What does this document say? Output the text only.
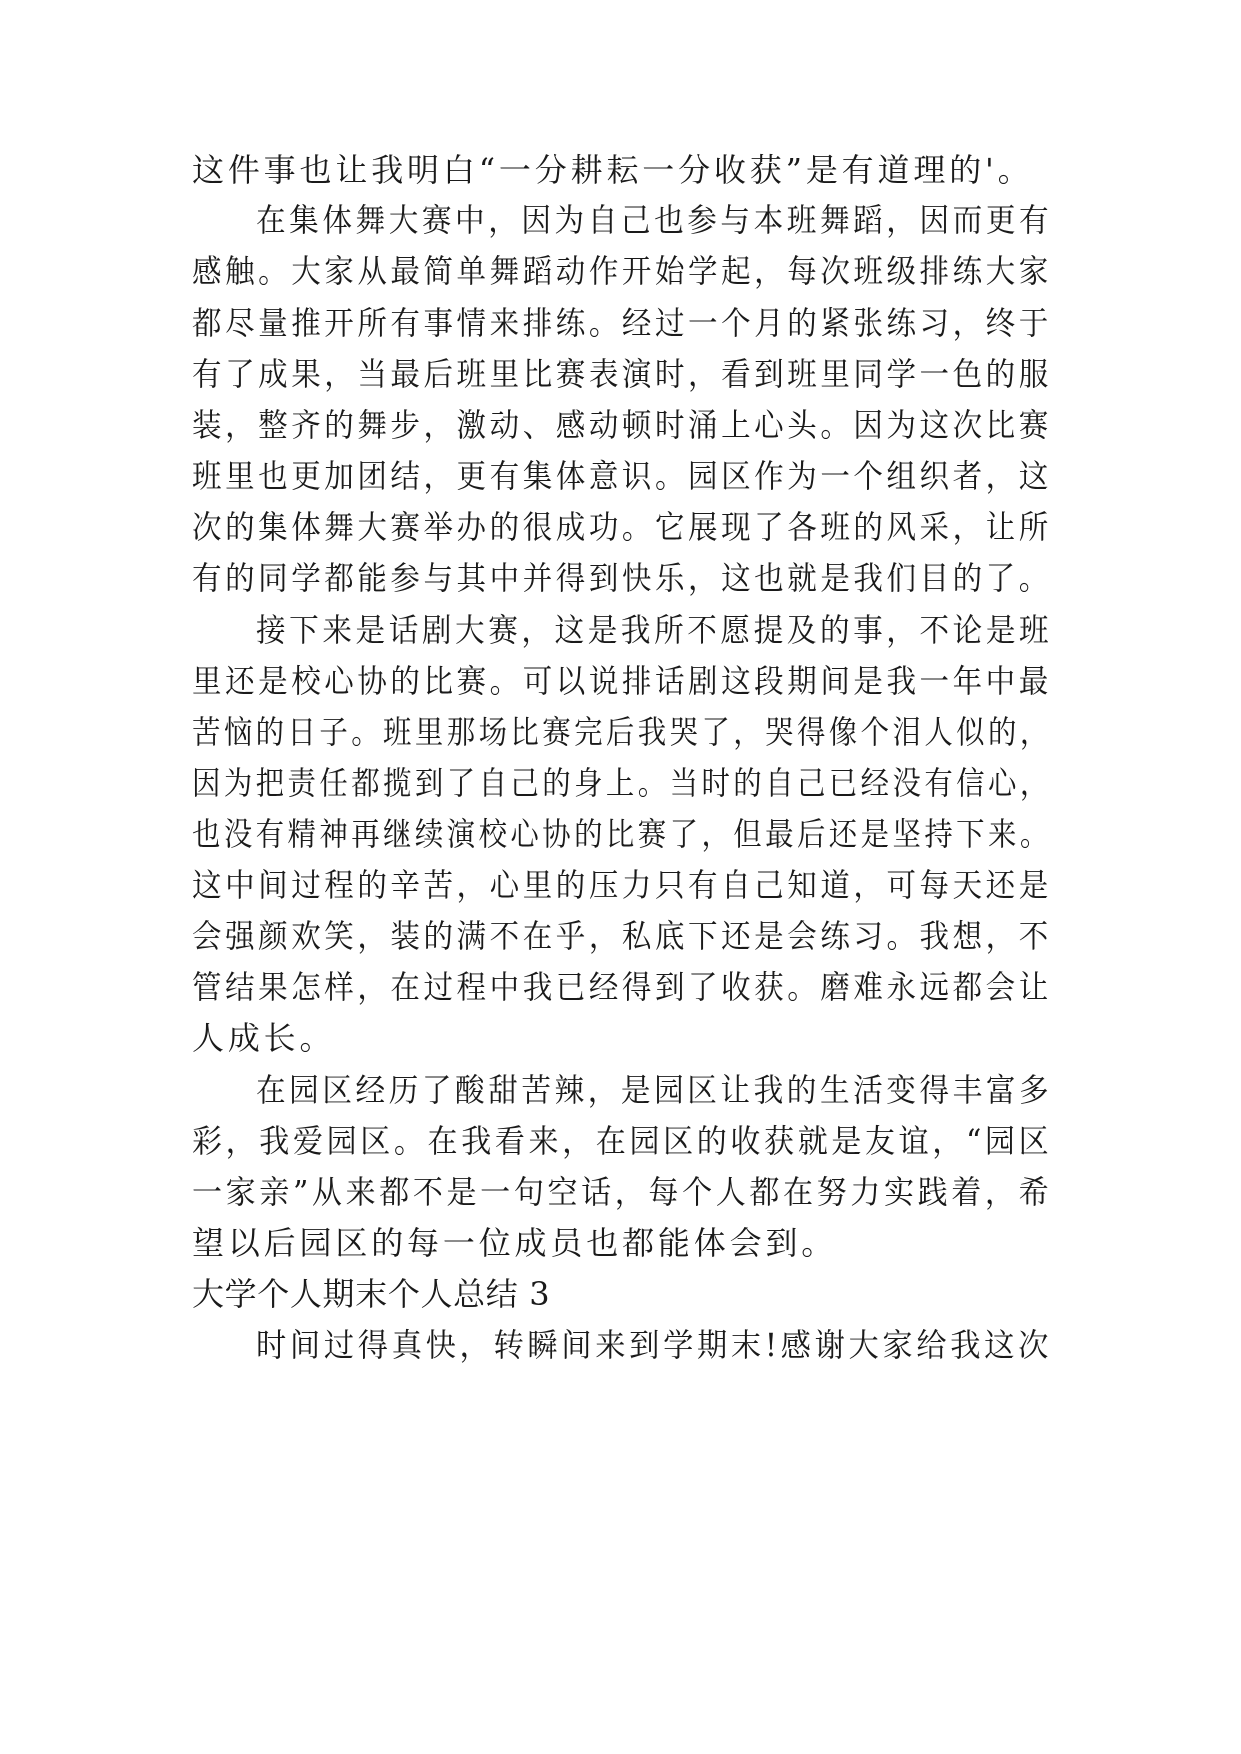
这件事也让我明白“一分耕耘一分收获”是有道理的'。

在集体舞大赛中，因为自己也参与本班舞蹈，因而更有

感触。大家从最简单舞蹈动作开始学起，每次班级排练大家

都尽量推开所有事情来排练。经过一个月的紧张练习，终于

有了成果，当最后班里比赛表演时，看到班里同学一色的服

装，整齐的舞步，激动、感动顿时涌上心头。因为这次比赛

班里也更加团结，更有集体意识。园区作为一个组织者，这

次的集体舞大赛举办的很成功。它展现了各班的风采，让所

有的同学都能参与其中并得到快乐，这也就是我们目的了。

接下来是话剧大赛，这是我所不愿提及的事，不论是班

里还是校心协的比赛。可以说排话剧这段期间是我一年中最

苦恼的日子。班里那场比赛完后我哭了，哭得像个泪人似的，

因为把责任都揽到了自己的身上。当时的自己已经没有信心，

也没有精神再继续演校心协的比赛了，但最后还是坚持下来。

这中间过程的辛苦，心里的压力只有自己知道，可每天还是

会强颜欢笑，装的满不在乎，私底下还是会练习。我想，不

管结果怎样，在过程中我已经得到了收获。磨难永远都会让

人成长。

在园区经历了酸甜苦辣，是园区让我的生活变得丰富多

彩，我爱园区。在我看来，在园区的收获就是友谊，“园区

一家亲”从来都不是一句空话，每个人都在努力实践着，希

望以后园区的每一位成员也都能体会到。

大学个人期末个人总结 3

时间过得真快，转瞬间来到学期末!感谢大家给我这次
